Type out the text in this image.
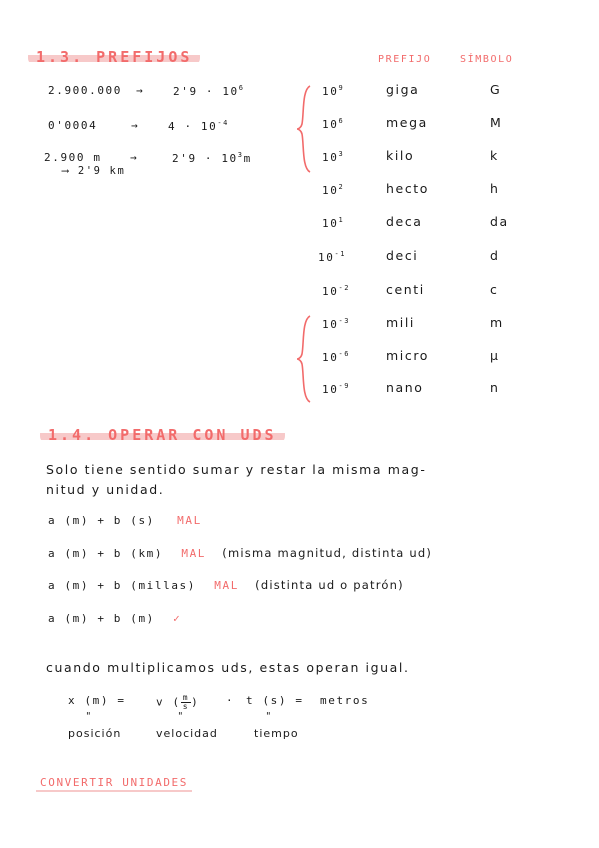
1.3. PREFIJOS	PREFIJO	SÍMBOLO
2.900.000 →	$2'9 \cdot 10^6$
0'0004	→	$4 \cdot 10^{-4}$
2.900 m	→	$2'9 \cdot 10^3m$
⟶ 2'9 km
$10^9$	giga	G
$10^6$	mega	M
$10^3$	kilo	k
$10^2$	hecto	h
$10^1$	deca	da
$10^{-1}$	deci	d
$10^{-2}$	centi	c
$10^{-3}$	mili	m
$10^{-6}$	micro	μ
$10^{-9}$	nano	n
1.4. OPERAR CON UDS
Solo tiene sentido sumar y restar la misma mag-
nitud y unidad.
a (m) + b (s) MAL
a (m) + b (km) MAL (misma magnitud, distinta ud)
a (m) + b (millas) MAL (distinta ud o patrón)
a (m) + b (m) ✓
cuando multiplicamos uds, estas operan igual.
x (m) =	v ( $\frac{m}{s}$ ) · t (s) = metros
"	"	"
posición	velocidad	tiempo
CONVERTIR UNIDADES
